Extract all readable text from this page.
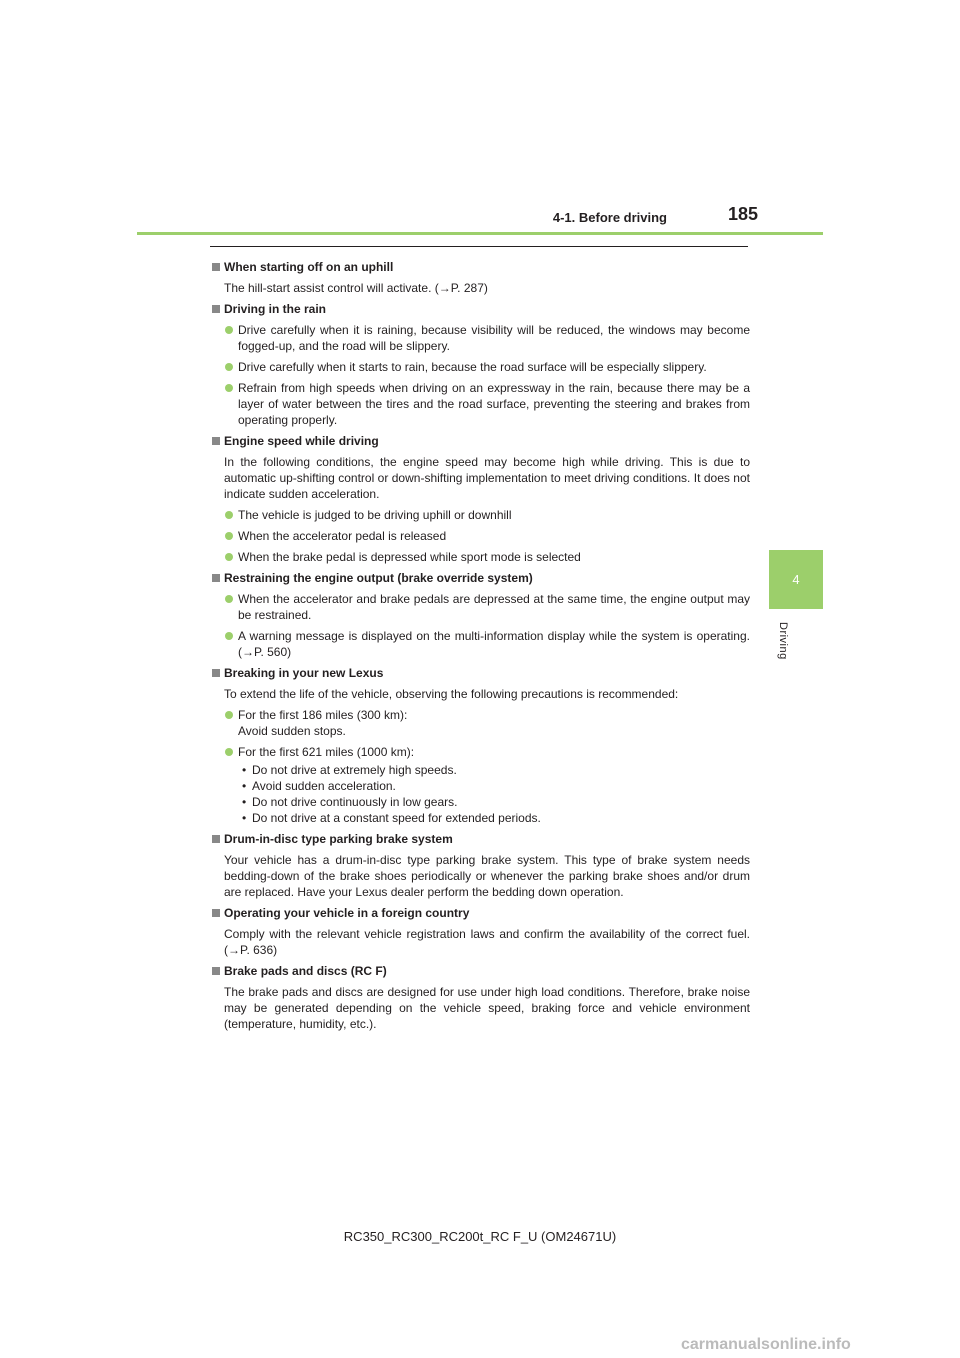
4-1. Before driving	185
4
Driving
When starting off on an uphill
The hill-start assist control will activate. (→P. 287)
Driving in the rain
Drive carefully when it is raining, because visibility will be reduced, the windows may become fogged-up, and the road will be slippery.
Drive carefully when it starts to rain, because the road surface will be especially slippery.
Refrain from high speeds when driving on an expressway in the rain, because there may be a layer of water between the tires and the road surface, preventing the steering and brakes from operating properly.
Engine speed while driving
In the following conditions, the engine speed may become high while driving. This is due to automatic up-shifting control or down-shifting implementation to meet driving conditions. It does not indicate sudden acceleration.
The vehicle is judged to be driving uphill or downhill
When the accelerator pedal is released
When the brake pedal is depressed while sport mode is selected
Restraining the engine output (brake override system)
When the accelerator and brake pedals are depressed at the same time, the engine output may be restrained.
A warning message is displayed on the multi-information display while the system is operating. (→P. 560)
Breaking in your new Lexus
To extend the life of the vehicle, observing the following precautions is recommended:
For the first 186 miles (300 km):
Avoid sudden stops.
For the first 621 miles (1000 km):
• Do not drive at extremely high speeds.
• Avoid sudden acceleration.
• Do not drive continuously in low gears.
• Do not drive at a constant speed for extended periods.
Drum-in-disc type parking brake system
Your vehicle has a drum-in-disc type parking brake system. This type of brake system needs bedding-down of the brake shoes periodically or whenever the parking brake shoes and/or drum are replaced. Have your Lexus dealer perform the bedding down operation.
Operating your vehicle in a foreign country
Comply with the relevant vehicle registration laws and confirm the availability of the correct fuel. (→P. 636)
Brake pads and discs (RC F)
The brake pads and discs are designed for use under high load conditions. Therefore, brake noise may be generated depending on the vehicle speed, braking force and vehicle environment (temperature, humidity, etc.).
RC350_RC300_RC200t_RC F_U (OM24671U)
carmanualsonline.info
